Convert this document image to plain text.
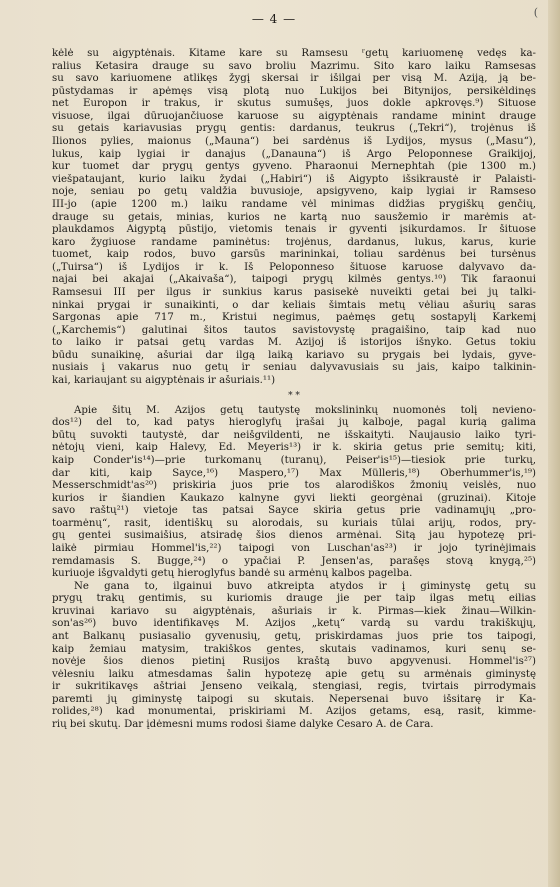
(
— 4 —
kėlė su aigyptėnais. Kitame kare su Ramsesu ʳgetų kariuomenę vedęs ka-
ralius Ketasira drauge su savo broliu Mazrimu. Šito karo laiku Ramsesas
su savo kariuomene atlikęs žygį skersai ir išilgai per visą M. Aziją, ją be-
pūstydamas ir apėmęs visą plotą nuo Lukijos bei Bitynijos, persikėldinęs
net Europon ir trakus, ir skutus sumušęs, juos dokle apkrovęs.⁹) Šituose
visuose, ilgai dūruojančiuose karuose su aigyptėnais randame minint drauge
su getais kariavusias prygų gentis: dardanus, teukrus („Tekri“), trojėnus iš
Ilionos pylies, maionus („Mauna“) bei sardėnus iš Lydijos, mysus („Masu“),
lukus, kaip lygiai ir danajus („Danauna“) iš Argo Peloponnese Graikijoj,
kur tuomet dar prygų gentys gyveno. Pharaonui Mernephtah (pie 1300 m.)
viešpataujant, kurio laiku žydai („Habiri“) iš Aigypto išsikraustė ir Palaisti-
noje, seniau po getų valdžia buvusioje, apsigyveno, kaip lygiai ir Ramseso
III-jo (apie 1200 m.) laiku randame vėl minimas didžias prygiškų genčių,
drauge su getais, minias, kurios ne kartą nuo sausžemio ir marėmis at-
plaukdamos Aigyptą pūstijo, vietomis tenais ir gyventi įsikurdamos. Ir šituose
karo žygiuose randame paminėtus: trojėnus, dardanus, lukus, karus, kurie
tuomet, kaip rodos, buvo garsūs marininkai, toliau sardėnus bei tursėnus
(„Tuirsa“) iš Lydijos ir k. Iš Peloponneso šituose karuose dalyvavo da-
najai bei akajai („Akaivaša“), taipogi prygų kilmės gentys.¹⁰) Tik faraonui
Ramsesui III per ilgus ir sunkius karus pasisekė nuveikti getai bei jų talki-
ninkai prygai ir sunaikinti, o dar keliais šimtais metų vėliau ašurių saras
Sargonas apie 717 m., Kristui negimus, paėmęs getų sostapylį Karkemį
(„Karchemis“) galutinai šitos tautos savistovystę pragaišino, taip kad nuo
to laiko ir patsai getų vardas M. Azijoj iš istorijos išnyko. Getus tokiu
būdu sunaikinę, ašuriai dar ilgą laiką kariavo su prygais bei lydais, gyve-
nusiais į vakarus nuo getų ir seniau dalyvavusiais su jais, kaipo talkinin-
kai, kariaujant su aigyptėnais ir ašuriais.¹¹)
* *
Apie šitų M. Azijos getų tautystę mokslininkų nuomonės tolį nevieno-
dos¹²) del to, kad patys hieroglyfų įrašai jų kalboje, pagal kurią galima
būtų suvokti tautystė, dar neišgvildenti, ne išskaityti. Naujausio laiko tyri-
nėtojų vieni, kaip Halevy, Ed. Meyeris¹³) ir k. skiria getus prie semitų; kiti,
kaip Conder'is¹⁴)—prie turkomanų (turanų), Peiser'is¹⁵)—tiesiok prie turkų,
dar kiti, kaip Sayce,¹⁶) Maspero,¹⁷) Max Mülleris,¹⁸) Oberhummer'is,¹⁹)
Messerschmidt'as²⁰) priskiria juos prie tos alarodiškos žmonių veislės, nuo
kurios ir šiandien Kaukazo kalnyne gyvi liekti georgėnai (gruzinai). Kitoje
savo raštų²¹) vietoje tas patsai Sayce skiria getus prie vadinamųjų „pro-
toarmėnų“, rasit, identiškų su alorodais, su kuriais tūlai arijų, rodos, pry-
gų gentei susimaišius, atsiradę šios dienos armėnai. Šitą jau hypotezę pri-
laikė pirmiau Hommel'is,²²) taipogi von Luschan'as²³) ir jojo tyrinėjimais
remdamasis S. Bugge,²⁴) o ypačiai P. Jensen'as, parašęs stovą knygą,²⁵)
kuriuoje išgvaldyti getų hieroglyfus bandė su armėnų kalbos pagelba.
Ne gana to, ilgainui buvo atkreipta atydos ir į giminystę getų su
prygų trakų gentimis, su kuriomis drauge jie per taip ilgas metų eilias
kruvinai kariavo su aigyptėnais, ašuriais ir k. Pirmas—kiek žinau—Wilkin-
son'as²⁶) buvo identifikavęs M. Azijos „ketų“ vardą su vardu trakiškųjų,
ant Balkanų pusiasalio gyvenusių, getų, priskirdamas juos prie tos taipogi,
kaip žemiau matysim, trakiškos gentes, skutais vadinamos, kuri senų se-
novėje šios dienos pietinį Rusijos kraštą buvo apgyvenusi. Hommel'is²⁷)
vėlesniu laiku atmesdamas šalin hypotezę apie getų su armėnais giminystę
ir sukritikavęs aštriai Jenseno veikalą, stengiasi, regis, tvirtais pirrodymais
paremti jų giminystę taipogi su skutais. Nepersenai buvo išsitarę ir Ka-
rolides,²⁸) kad monumentai, priskiriami M. Azijos getams, esą, rasit, kimme-
rių bei skutų. Dar įdėmesni mums rodosi šiame dalyke Cesaro A. de Cara.
